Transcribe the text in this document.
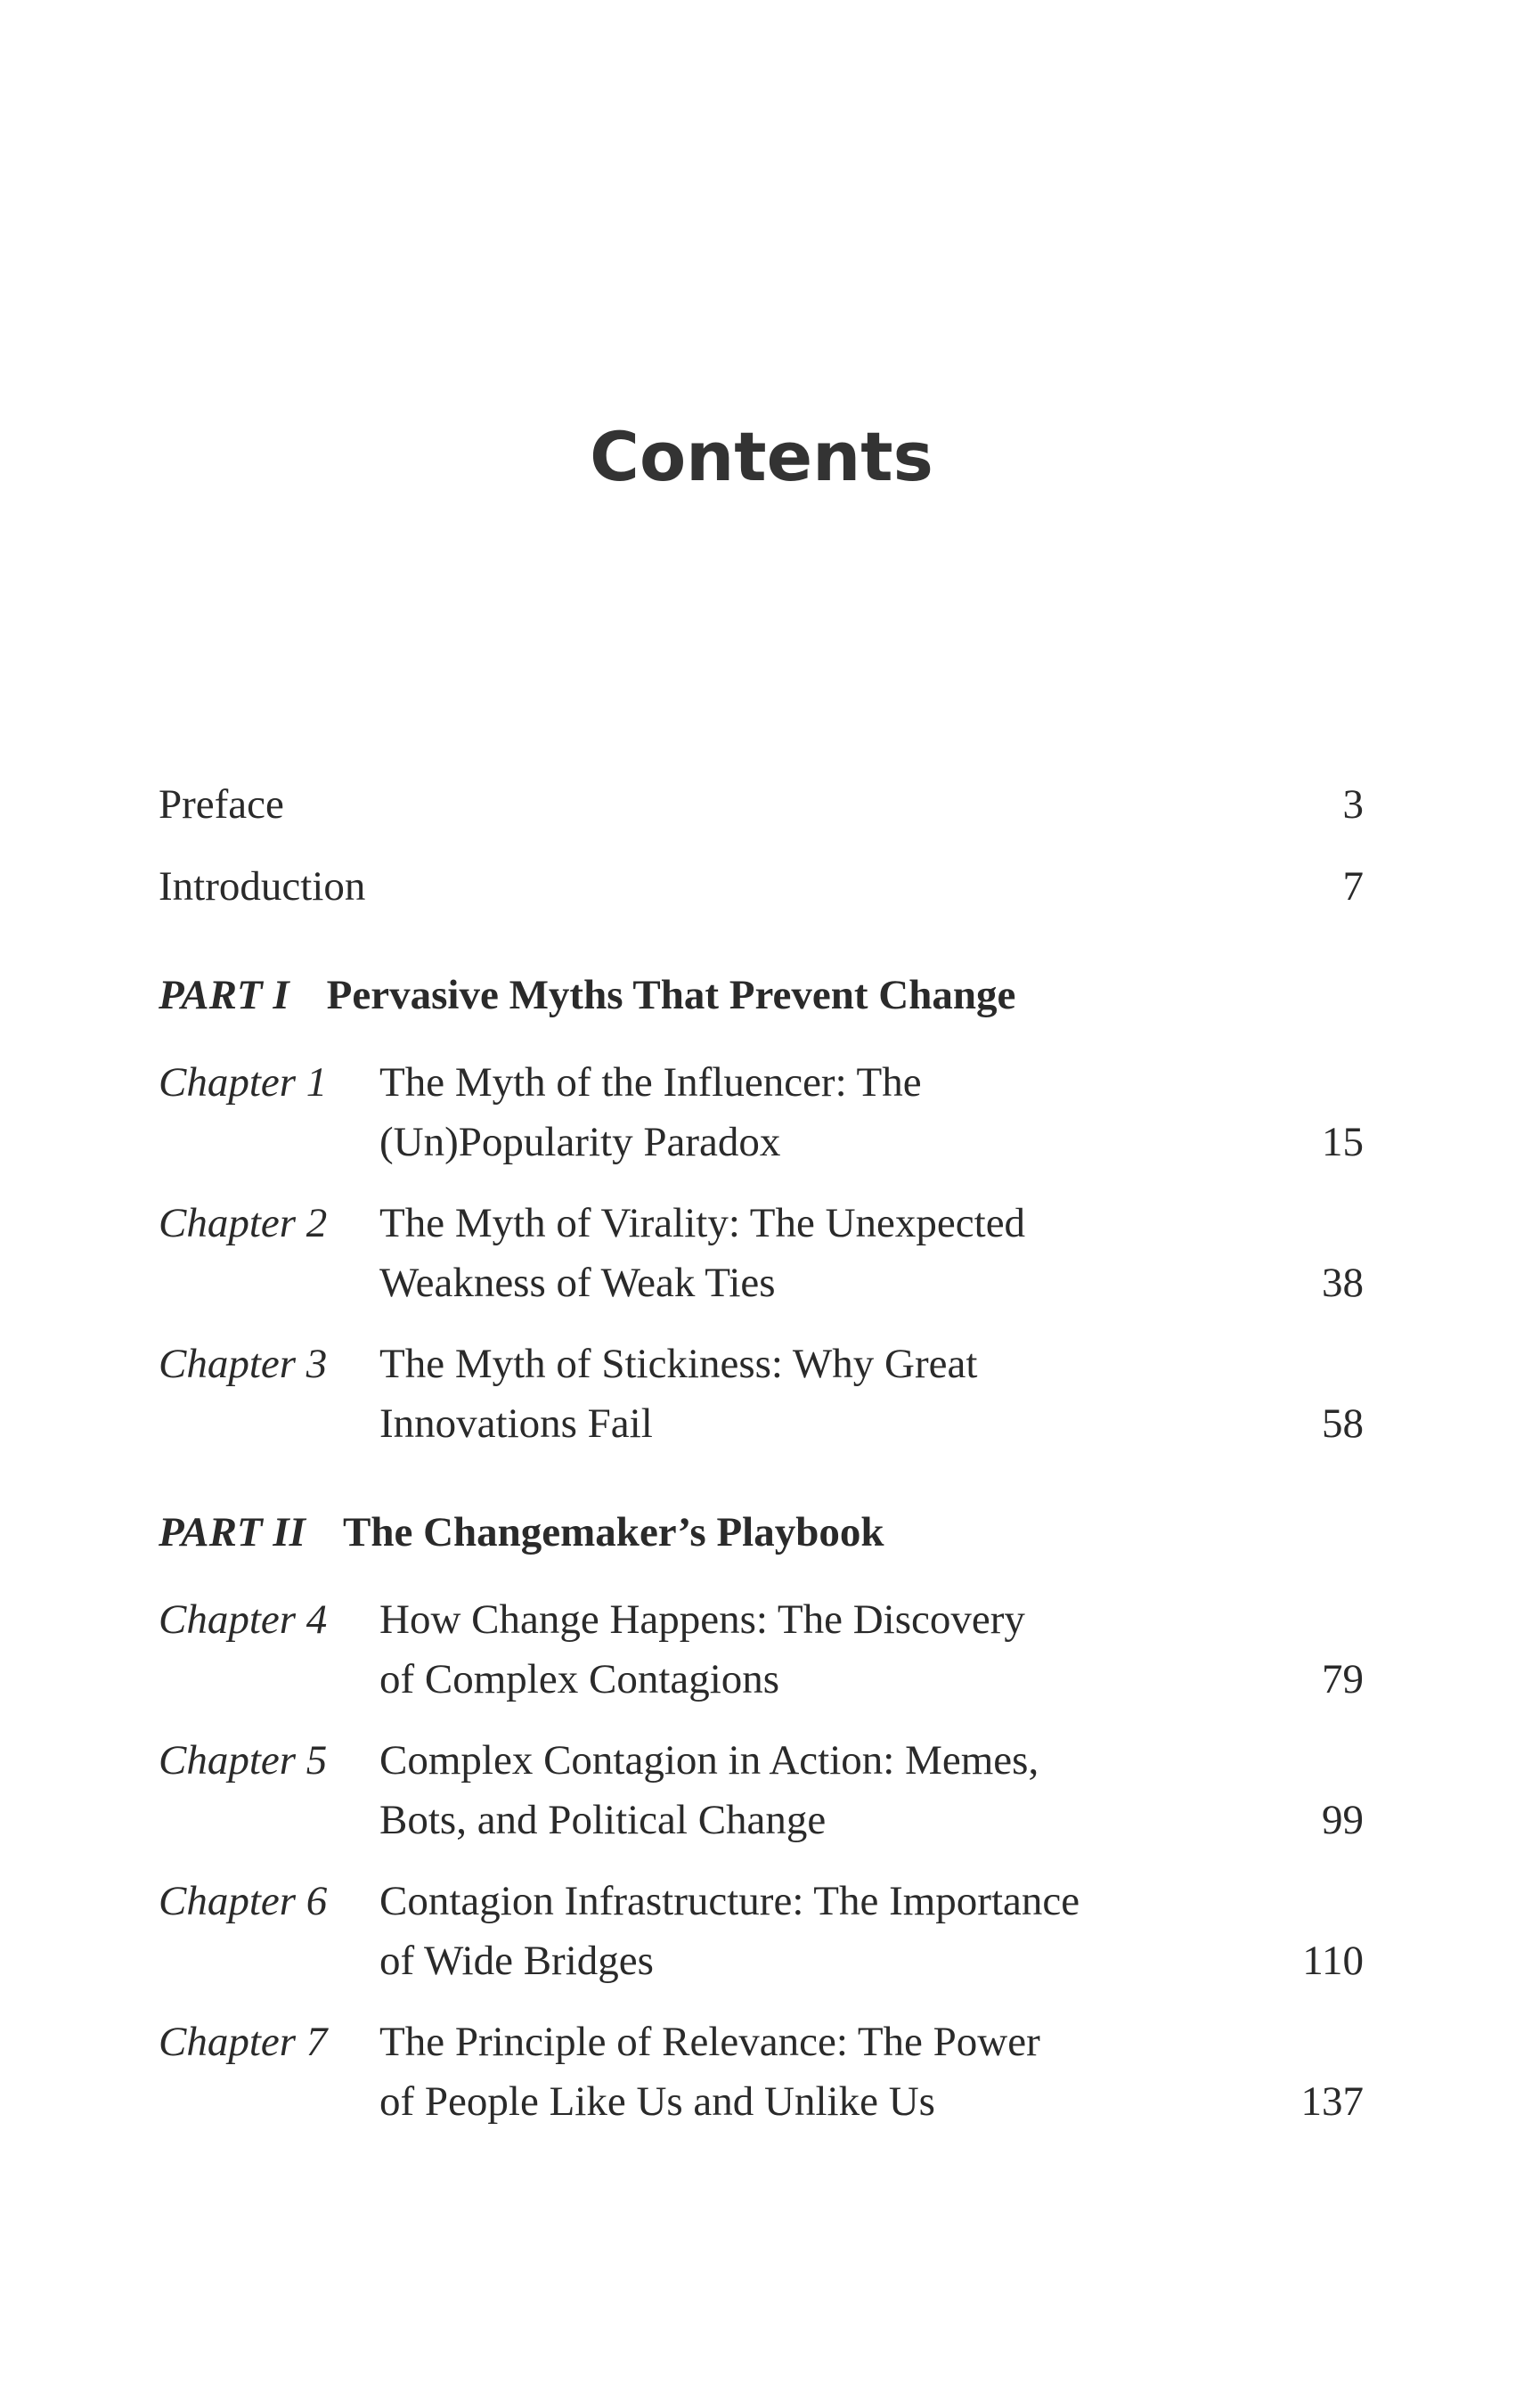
Contents
Preface	3
Introduction	7
PART I Pervasive Myths That Prevent Change
Chapter 1	The Myth of the Influencer: The
(Un)Popularity Paradox	15
Chapter 2	The Myth of Virality: The Unexpected
Weakness of Weak Ties	38
Chapter 3	The Myth of Stickiness: Why Great
Innovations Fail	58
PART II The Changemaker’s Playbook
Chapter 4	How Change Happens: The Discovery
of Complex Contagions	79
Chapter 5	Complex Contagion in Action: Memes,
Bots, and Political Change	99
Chapter 6	Contagion Infrastructure: The Importance
of Wide Bridges	110
Chapter 7	The Principle of Relevance: The Power
of People Like Us and Unlike Us	137
